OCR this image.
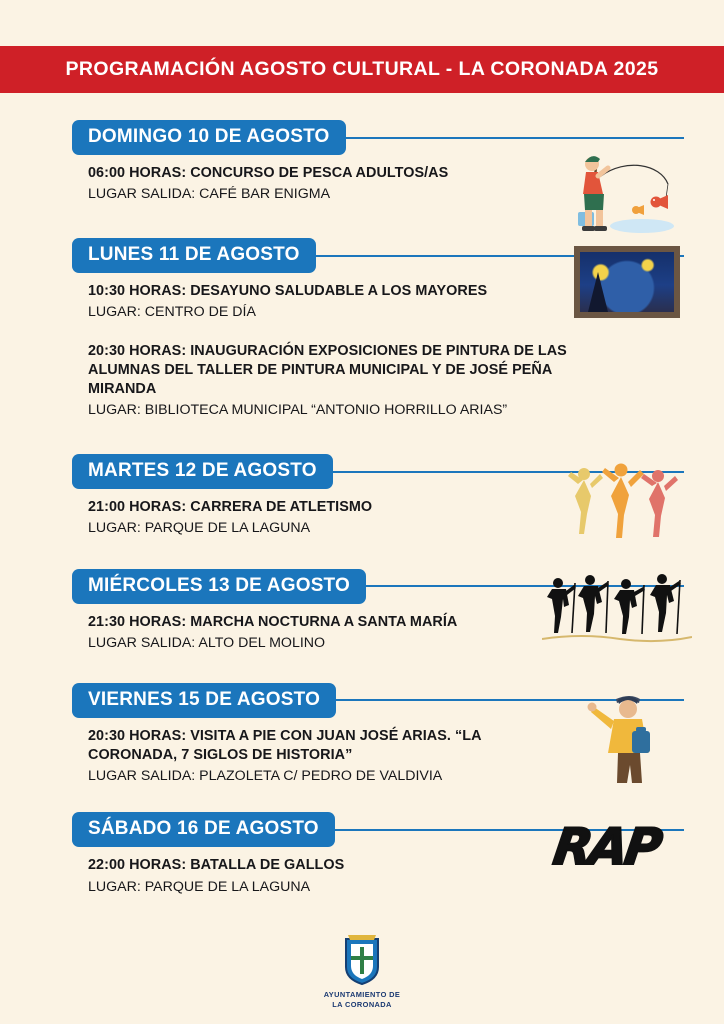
PROGRAMACIÓN AGOSTO CULTURAL - LA CORONADA 2025
DOMINGO 10 DE AGOSTO
06:00 HORAS: CONCURSO DE PESCA ADULTOS/AS
LUGAR SALIDA: CAFÉ BAR ENIGMA
LUNES 11 DE AGOSTO
10:30 HORAS: DESAYUNO SALUDABLE A LOS MAYORES
LUGAR: CENTRO DE DÍA
20:30 HORAS: INAUGURACIÓN EXPOSICIONES DE PINTURA DE LAS ALUMNAS DEL TALLER DE PINTURA MUNICIPAL Y DE JOSÉ PEÑA MIRANDA
LUGAR: BIBLIOTECA MUNICIPAL “ANTONIO HORRILLO ARIAS”
MARTES 12 DE AGOSTO
21:00 HORAS: CARRERA DE ATLETISMO
LUGAR: PARQUE DE LA LAGUNA
MIÉRCOLES 13 DE AGOSTO
21:30 HORAS: MARCHA NOCTURNA A SANTA MARÍA
LUGAR SALIDA: ALTO DEL MOLINO
VIERNES 15 DE AGOSTO
20:30 HORAS: VISITA A PIE CON JUAN JOSÉ ARIAS. “LA CORONADA, 7 SIGLOS DE HISTORIA”
LUGAR SALIDA: PLAZOLETA C/ PEDRO DE VALDIVIA
SÁBADO 16 DE AGOSTO
22:00 HORAS: BATALLA DE GALLOS
LUGAR: PARQUE DE LA LAGUNA
RAP
AYUNTAMIENTO DE
LA CORONADA
